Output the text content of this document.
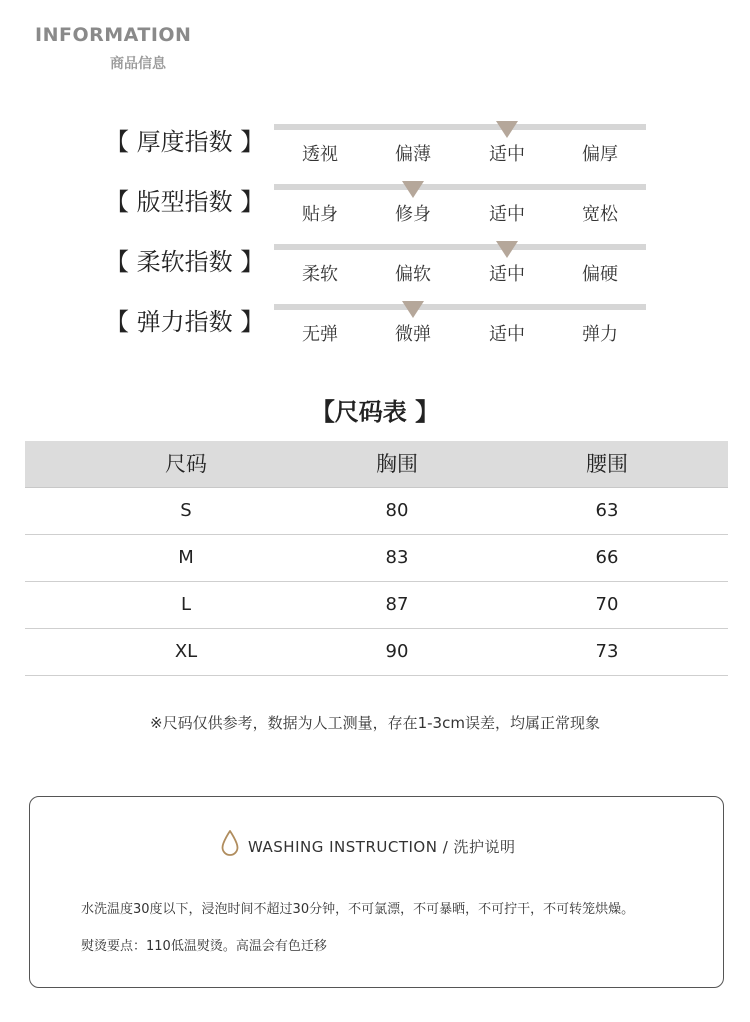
INFORMATION
商品信息
【 厚度指数 】	透视	偏薄	适中	偏厚
【 版型指数 】	贴身	修身	适中	宽松
【 柔软指数 】	柔软	偏软	适中	偏硬
【 弹力指数 】	无弹	微弹	适中	弹力
【尺码表 】
尺码	胸围	腰围
S	80	63
M	83	66
L	87	70
XL	90	73
※尺码仅供参考，数据为人工测量，存在1-3cm误差，均属正常现象
WASHING INSTRUCTION / 洗护说明
水洗温度30度以下，浸泡时间不超过30分钟，不可氯漂，不可暴晒，不可拧干，不可转笼烘燥。
熨烫要点：110低温熨烫。高温会有色迁移
